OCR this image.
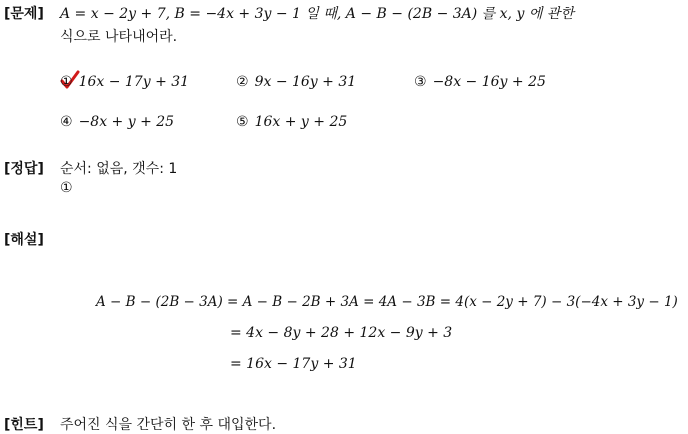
[문제] A = x − 2y + 7, B = −4x + 3y − 1 일 때, A − B − (2B − 3A) 를 x, y 에 관한
식으로 나타내어라.
① 16x − 17y + 31	② 9x − 16y + 31	③ −8x − 16y + 25
④ −8x + y + 25	⑤ 16x + y + 25
[정답] 순서: 없음, 갯수: 1
①
[해설]
A − B − (2B − 3A) = A − B − 2B + 3A = 4A − 3B = 4(x − 2y + 7) − 3(−4x + 3y − 1)
= 4x − 8y + 28 + 12x − 9y + 3
= 16x − 17y + 31
[힌트] 주어진 식을 간단히 한 후 대입한다.
